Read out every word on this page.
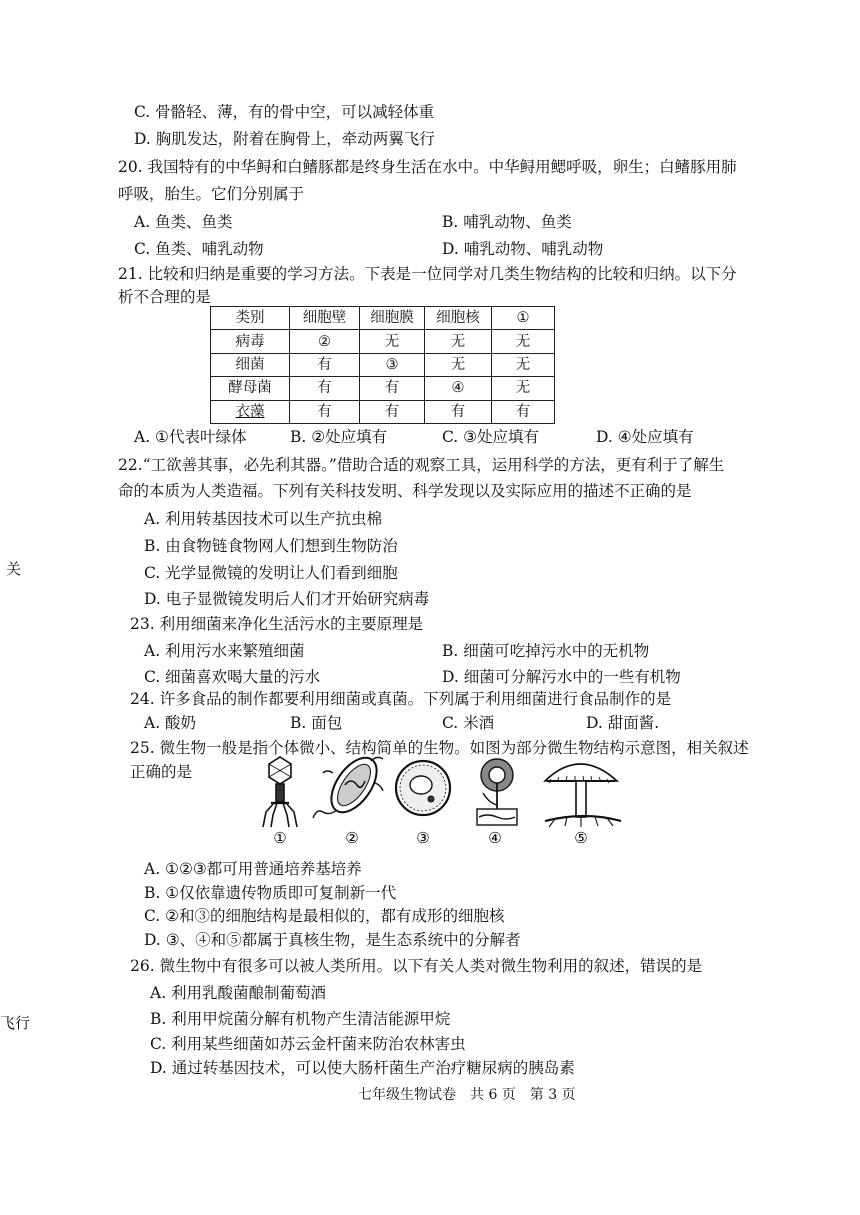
C. 骨骼轻、薄，有的骨中空，可以减轻体重
D. 胸肌发达，附着在胸骨上，牵动两翼飞行
20. 我国特有的中华鲟和白鳍豚都是终身生活在水中。中华鲟用鳃呼吸，卵生；白鳍豚用肺
呼吸，胎生。它们分别属于
A. 鱼类、鱼类	B. 哺乳动物、鱼类
C. 鱼类、哺乳动物	D. 哺乳动物、哺乳动物
21. 比较和归纳是重要的学习方法。下表是一位同学对几类生物结构的比较和归纳。以下分
析不合理的是
类别	细胞壁	细胞膜	细胞核	①
病毒	②	无	无	无
细菌	有	③	无	无
酵母菌	有	有	④	无
衣藻	有	有	有	有
A. ①代表叶绿体	B. ②处应填有	C. ③处应填有	D. ④处应填有
22.“工欲善其事，必先利其器。”借助合适的观察工具，运用科学的方法，更有利于了解生
命的本质为人类造福。下列有关科技发明、科学发现以及实际应用的描述不正确的是
A. 利用转基因技术可以生产抗虫棉
B. 由食物链食物网人们想到生物防治
C. 光学显微镜的发明让人们看到细胞
D. 电子显微镜发明后人们才开始研究病毒
关
飞行
23. 利用细菌来净化生活污水的主要原理是
A. 利用污水来繁殖细菌	B. 细菌可吃掉污水中的无机物
C. 细菌喜欢喝大量的污水	D. 细菌可分解污水中的一些有机物
24. 许多食品的制作都要利用细菌或真菌。下列属于利用细菌进行食品制作的是
A. 酸奶	B. 面包	C. 米酒	D. 甜面酱.
25. 微生物一般是指个体微小、结构简单的生物。如图为部分微生物结构示意图，相关叙述
正确的是
①	②	③	④	⑤
A. ①②③都可用普通培养基培养
B. ①仅依靠遗传物质即可复制新一代
C. ②和③的细胞结构是最相似的，都有成形的细胞核
D. ③、④和⑤都属于真核生物，是生态系统中的分解者
26. 微生物中有很多可以被人类所用。以下有关人类对微生物利用的叙述，错误的是
A. 利用乳酸菌酿制葡萄酒
B. 利用甲烷菌分解有机物产生清洁能源甲烷
C. 利用某些细菌如苏云金杆菌来防治农林害虫
D. 通过转基因技术，可以使大肠杆菌生产治疗糖尿病的胰岛素
七年级生物试卷　共 6 页　第 3 页
